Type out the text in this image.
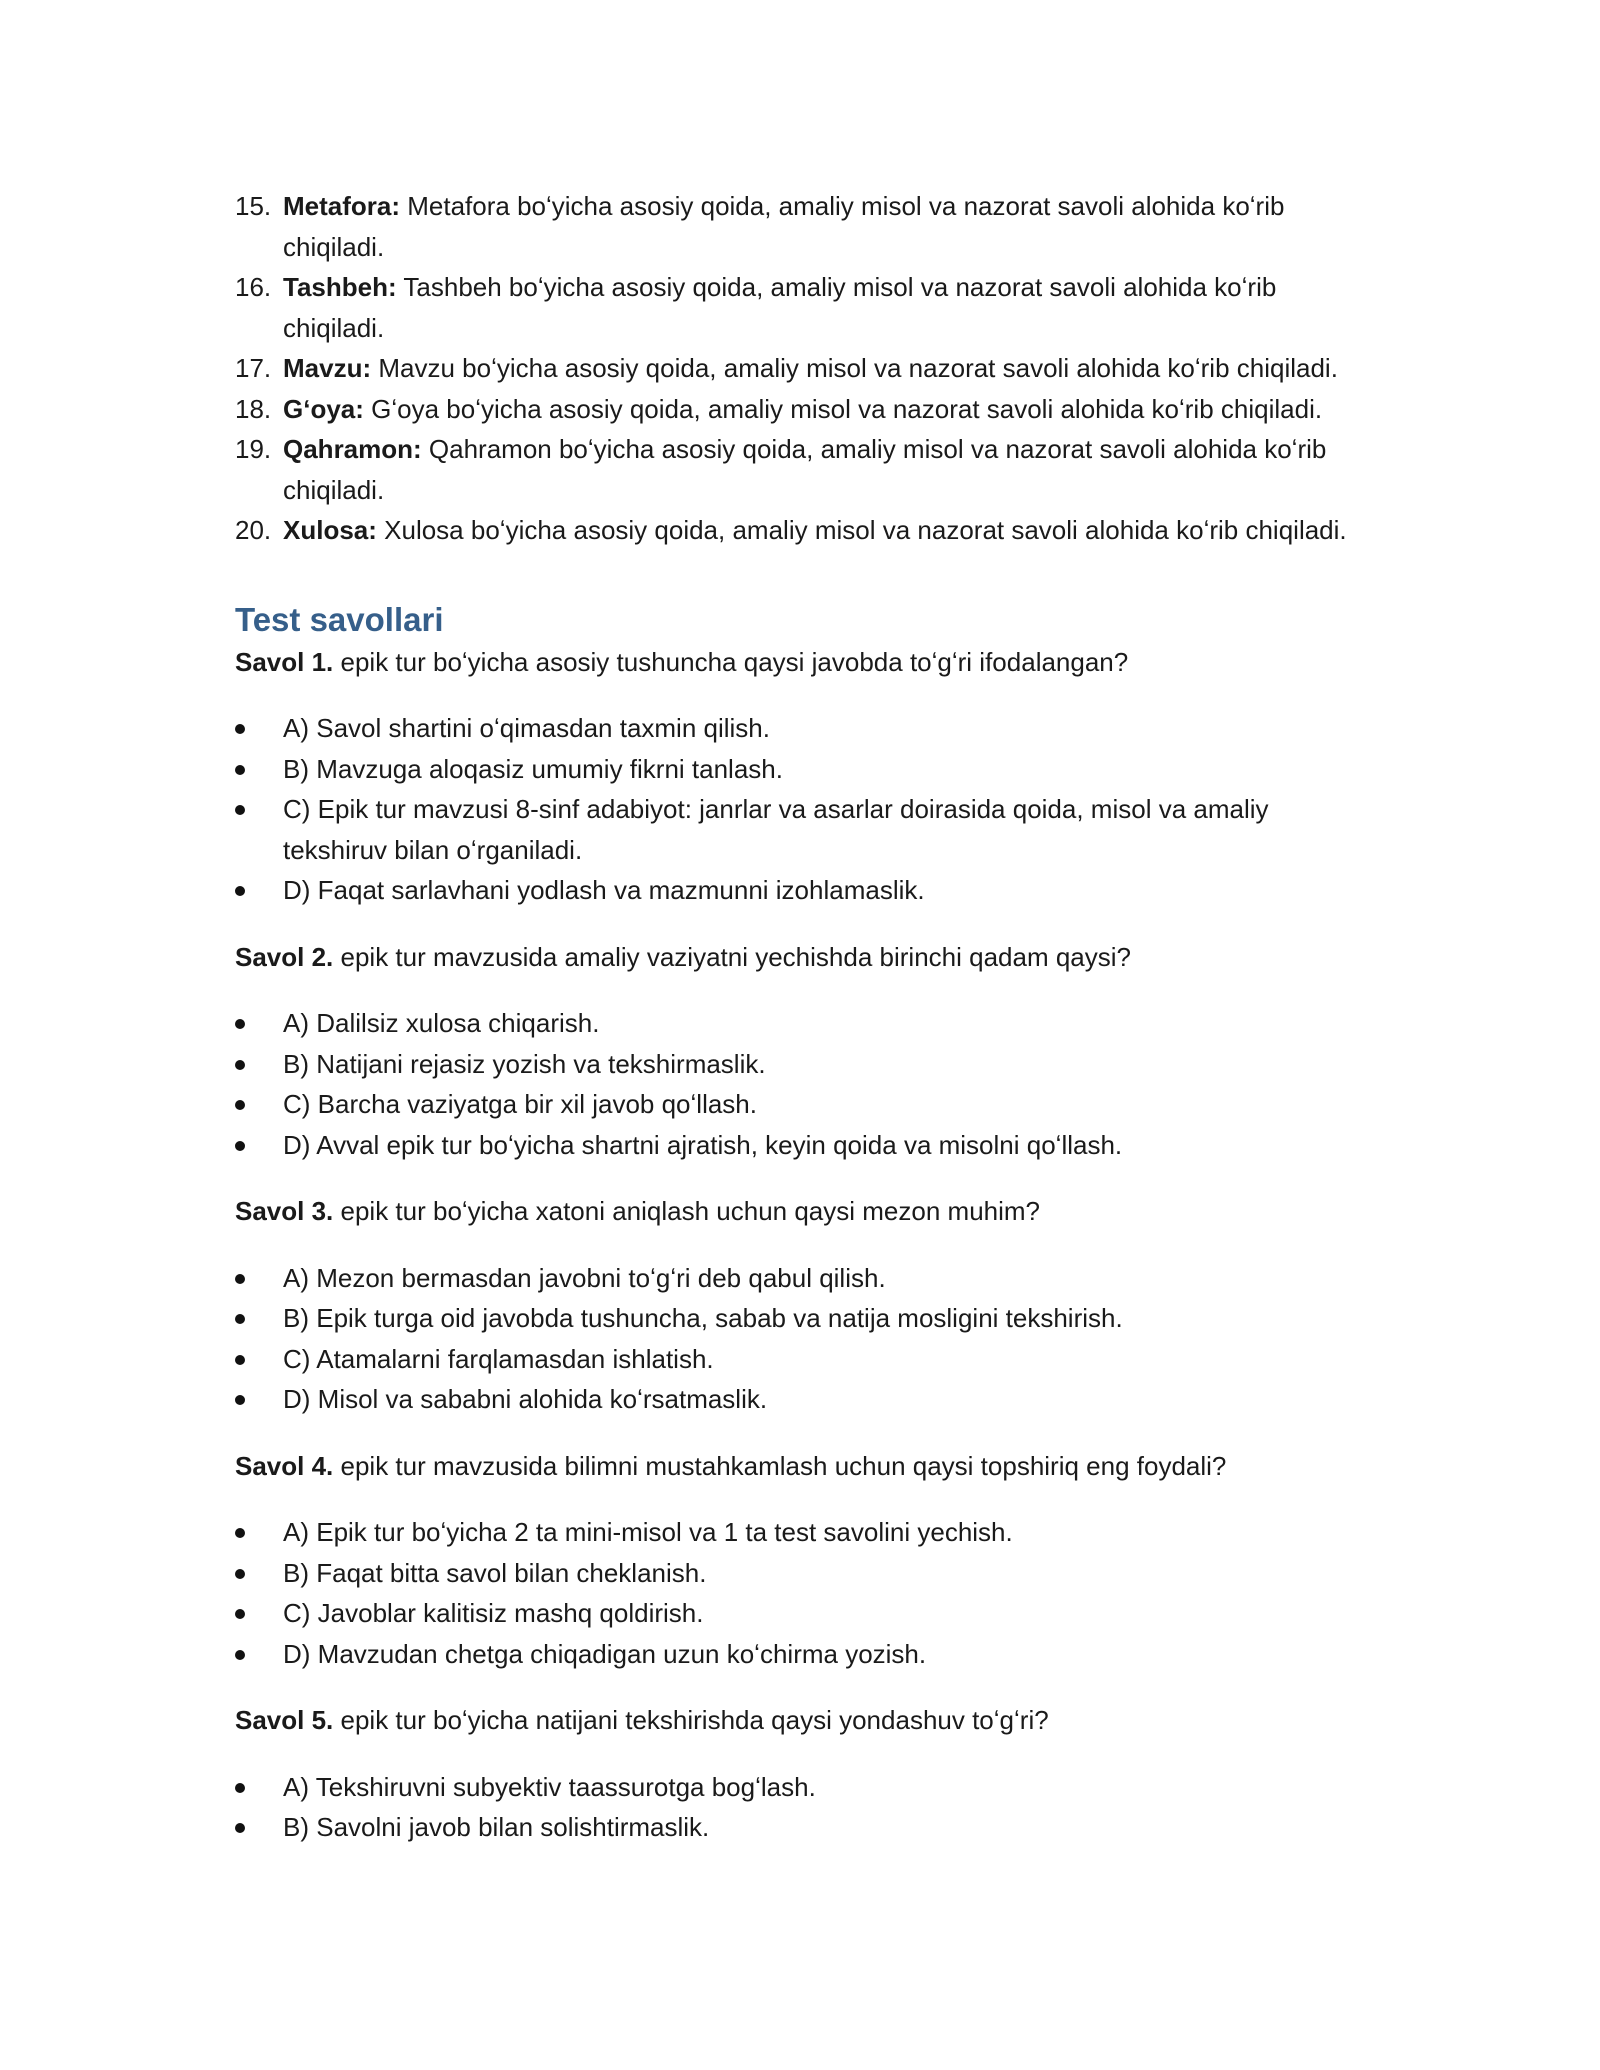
15. Metafora: Metafora boʻyicha asosiy qoida, amaliy misol va nazorat savoli alohida koʻrib chiqiladi.
16. Tashbeh: Tashbeh boʻyicha asosiy qoida, amaliy misol va nazorat savoli alohida koʻrib chiqiladi.
17. Mavzu: Mavzu boʻyicha asosiy qoida, amaliy misol va nazorat savoli alohida koʻrib chiqiladi.
18. Gʻoya: Gʻoya boʻyicha asosiy qoida, amaliy misol va nazorat savoli alohida koʻrib chiqiladi.
19. Qahramon: Qahramon boʻyicha asosiy qoida, amaliy misol va nazorat savoli alohida koʻrib chiqiladi.
20. Xulosa: Xulosa boʻyicha asosiy qoida, amaliy misol va nazorat savoli alohida koʻrib chiqiladi.
Test savollari

Savol 1. epik tur boʻyicha asosiy tushuncha qaysi javobda toʻgʻri ifodalangan?

A) Savol shartini oʻqimasdan taxmin qilish.
B) Mavzuga aloqasiz umumiy fikrni tanlash.
C) Epik tur mavzusi 8-sinf adabiyot: janrlar va asarlar doirasida qoida, misol va amaliy tekshiruv bilan oʻrganiladi.
D) Faqat sarlavhani yodlash va mazmunni izohlamaslik.

Savol 2. epik tur mavzusida amaliy vaziyatni yechishda birinchi qadam qaysi?

A) Dalilsiz xulosa chiqarish.
B) Natijani rejasiz yozish va tekshirmaslik.
C) Barcha vaziyatga bir xil javob qoʻllash.
D) Avval epik tur boʻyicha shartni ajratish, keyin qoida va misolni qoʻllash.

Savol 3. epik tur boʻyicha xatoni aniqlash uchun qaysi mezon muhim?

A) Mezon bermasdan javobni toʻgʻri deb qabul qilish.
B) Epik turga oid javobda tushuncha, sabab va natija mosligini tekshirish.
C) Atamalarni farqlamasdan ishlatish.
D) Misol va sababni alohida koʻrsatmaslik.

Savol 4. epik tur mavzusida bilimni mustahkamlash uchun qaysi topshiriq eng foydali?

A) Epik tur boʻyicha 2 ta mini-misol va 1 ta test savolini yechish.
B) Faqat bitta savol bilan cheklanish.
C) Javoblar kalitisiz mashq qoldirish.
D) Mavzudan chetga chiqadigan uzun koʻchirma yozish.

Savol 5. epik tur boʻyicha natijani tekshirishda qaysi yondashuv toʻgʻri?

A) Tekshiruvni subyektiv taassurotga bogʻlash.
B) Savolni javob bilan solishtirmaslik.
